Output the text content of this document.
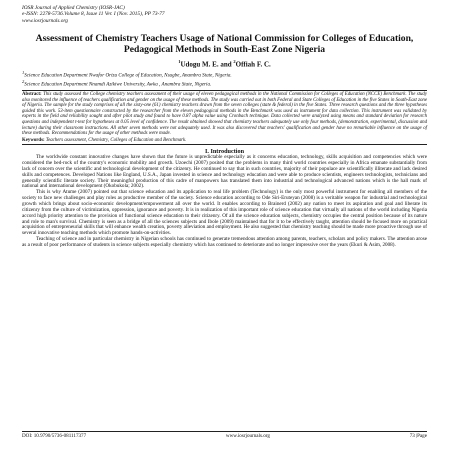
IOSR Journal of Applied Chemistry (IOSR-JAC)
e-ISSN: 2278-5736.Volume 8, Issue 11 Ver. I (Nov. 2015), PP 73-77
www.iosrjournals.org
Assessment of Chemistry Teachers Usage of National Commission for Colleges of Education, Pedagogical Methods in South-East Zone Nigeria
$^1$Udogu M. E. and $^2$Offiah F. C.
$^1$Science Education Department Nwafor Orizu College of Education, Nsugbe, Anambra State, Nigeria.
$^2$Science Education Department Nnamdi Azikiwe University, Awka , Anambra State, Nigeria.
Abstract: This study assessed the College chemistry teachers assessment of their usage of eleven pedagogical methods in the National Commission for Colleges of Education (NCCE) Benchmark. The study also monitored the influence of teachers qualification and gender on the usage of these methods. The study was carried out in both Federal and State Colleges of Education in the five States in South-East zone of Nigeria. The sample for the study comprises of all the sixty-one (61) chemistry teachers drawn from the seven colleges (state & federal) in the five States. Three research questions and the three hypotheses guided this work. 53-item questionnaire constructed by the researcher from the eleven pedagogical methods in the Benchmark was used as instrument for data collection. This instrument was validated by experts in the field and reliability sought and after pilot study and found to have 0.87 alpha value using Cronbach technique. Data collected were analyzed using means and standard deviation for research questions and independent t-test for hypotheses at 0.05 level of confidence. The result obtained showed that chemistry teachers adequately use only four methods, (demonstration, experimental, discussion and lecture) during their classroom instructions. All other seven methods were not adequately used. It was also discovered that teachers' qualification and gender have no remarkable influence on the usage of these methods. Recommendations for the usage of other methods were made.
Keywords: Teachers assessment, Chemistry, Colleges of Education and Benchmark.
I. Introduction

The worldwide constant innovative changes have shown that the future is unpredictable especially as it concerns education, technology, skills acquisition and competencies which were considered the bed-rock of the country's economic mobility and growth. Uzoechi (2007) posited that the problems in many third world countries especially in Africa emanate substantially from lack of concern over the scientific and technological development of the citizenry. He continued to say that in such countries, majority of their populace are scientifically illiterate and lack desired skills and competences. Developed Nations like England, U.S.A., Japan invested in science and technology education and were able to produce scientists, engineers technologists, technicians and generally scientific literate society. Their meaningful production of this cadre of manpowers has translated them into industrial and technological advanced nations which is the hall mark of national and international development (Okobukola; 2002).

This is why Atume (2007) pointed out that science education and its application to real life problem (Technology) is the only most powerful instrument for enabling all members of the society to face new challenges and play roles as productive member of the society. Science education according to Ode Siri-Eruteyan (2008) is a veritable weapon for industrial and technological growth which brings about socio-economic development/empowerment all over the world. It enables according to Brainerd (2002) any nation to meet its aspiration and goal and liberate its citizenry from the culture of victimization, oppression, ignorance and poverty. It is in realization of this important role of science education that virtually all nations of the world including Nigeria accord high priority attention to the provision of functional science education to their citizenry. Of all the science education subjects, chemistry occupies the central position because of its nature and role to man's survival. Chemistry is seen as a bridge of all the sciences subjects and Ibole (2009) maintained that for it to be effectively taught, attention should be focused more on practical acquisition of entrepreneurial skills that will enhance wealth creation, poverty alleviation and employment. He also suggested that chemistry teaching should be made more proactive through use of several innovative teaching methods which promote hands-on-activities.

Teaching of science and in particular chemistry in Nigerian schools has continued to generate tremendous attention among parents, teachers, scholars and policy makers. The attention arose as a result of poor performance of students in science subjects especially chemistry which has continued to deteriorate and no longer impressive over the years (Ekuri & Asim, 2008).

DOI: 10.9790/5736-081117377	www.iosrjournals.org	73 |Page
